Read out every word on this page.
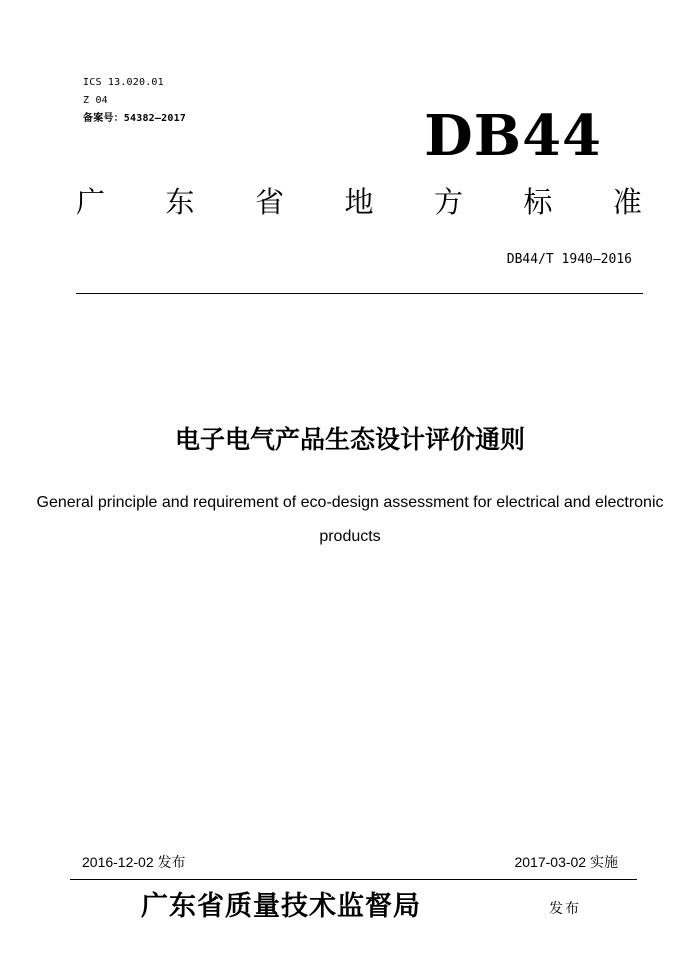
ICS 13.020.01
Z 04
备案号：54382—2017	DB44
广 东 省 地 方 标 准
DB44/T 1940—2016
电子电气产品生态设计评价通则
General principle and requirement of eco-design assessment for electrical and electronic products
2016-12-02 发布	2017-03-02 实施
广东省质量技术监督局	发布
